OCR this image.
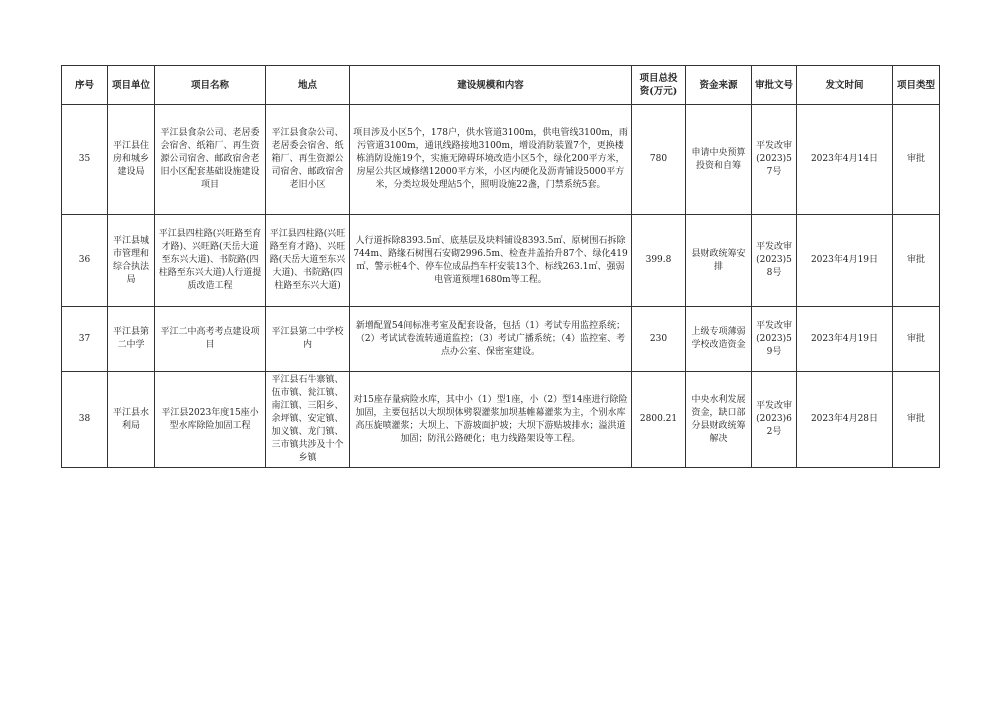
序号	项目单位	项目名称	地点	建设规模和内容	项目总投资(万元)	资金来源	审批文号	发文时间	项目类型
35	平江县住房和城乡建设局	平江县食杂公司、老居委会宿舍、纸箱厂、再生资源公司宿舍、邮政宿舍老旧小区配套基础设施建设项目	平江县食杂公司、老居委会宿舍、纸箱厂、再生资源公司宿舍、邮政宿舍老旧小区	项目涉及小区5个，178户，供水管道3100m，供电管线3100m，雨污管道3100m，通讯线路接地3100m，增设消防装置7个，更换楼栋消防设施19个，实施无障碍环境改造小区5个，绿化200平方米，房屋公共区域修缮12000平方米，小区内硬化及沥青铺设5000平方米，分类垃圾处理站5个，照明设施22盏，门禁系统5套。	780	申请中央预算投资和自筹	平发改审(2023)57号	2023年4月14日	审批
36	平江县城市管理和综合执法局	平江县四柱路(兴旺路至育才路)、兴旺路(天岳大道至东兴大道)、书院路(四柱路至东兴大道)人行道提质改造工程	平江县四柱路(兴旺路至育才路)、兴旺路(天岳大道至东兴大道)、书院路(四柱路至东兴大道)	人行道拆除8393.5㎡、底基层及块料铺设8393.5㎡、原树围石拆除744m、路缘石树围石安砌2996.5m、检查井盖抬升87个、绿化419㎡、警示桩4个、停车位成品挡车杆安装13个、标线263.1㎡、强弱电管道预埋1680m等工程。	399.8	县财政统筹安排	平发改审(2023)58号	2023年4月19日	审批
37	平江县第二中学	平江二中高考考点建设项目	平江县第二中学校内	新增配置54间标准考室及配套设备，包括（1）考试专用监控系统；（2）考试试卷流转通道监控；（3）考试广播系统；（4）监控室、考点办公室、保密室建设。	230	上级专项薄弱学校改造资金	平发改审(2023)59号	2023年4月19日	审批
38	平江县水利局	平江县2023年度15座小型水库除险加固工程	平江县石牛寨镇、伍市镇、瓮江镇、南江镇、三阳乡、余坪镇、安定镇、加义镇、龙门镇、三市镇共涉及十个乡镇	对15座存量病险水库，其中小（1）型1座，小（2）型14座进行除险加固，主要包括以大坝坝体劈裂灌浆加坝基帷幕灌浆为主，个别水库高压旋喷灌浆；大坝上、下游坡面护坡；大坝下游贴坡排水；溢洪道加固；防汛公路硬化；电力线路架设等工程。	2800.21	中央水利发展资金，缺口部分县财政统筹解决	平发改审(2023)62号	2023年4月28日	审批
